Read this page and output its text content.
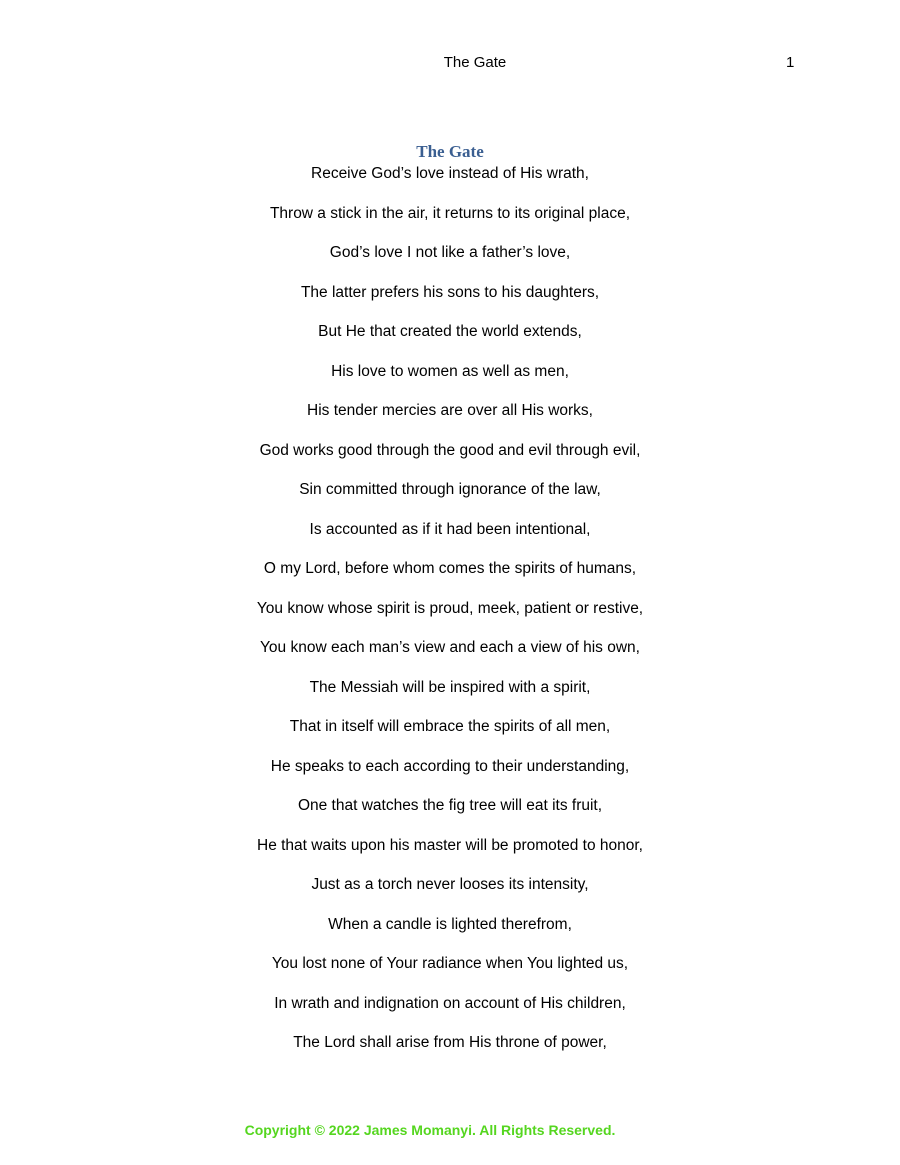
The Gate	1
The Gate
Receive God’s love instead of His wrath,
Throw a stick in the air, it returns to its original place,
God’s love I not like a father’s love,
The latter prefers his sons to his daughters,
But He that created the world extends,
His love to women as well as men,
His tender mercies are over all His works,
God works good through the good and evil through evil,
Sin committed through ignorance of the law,
Is accounted as if it had been intentional,
O my Lord, before whom comes the spirits of humans,
You know whose spirit is proud, meek, patient or restive,
You know each man’s view and each a view of his own,
The Messiah will be inspired with a spirit,
That in itself will embrace the spirits of all men,
He speaks to each according to their understanding,
One that watches the fig tree will eat its fruit,
He that waits upon his master will be promoted to honor,
Just as a torch never looses its intensity,
When a candle is lighted therefrom,
You lost none of Your radiance when You lighted us,
In wrath and indignation on account of His children,
The Lord shall arise from His throne of power,
Copyright © 2022 James Momanyi. All Rights Reserved.
